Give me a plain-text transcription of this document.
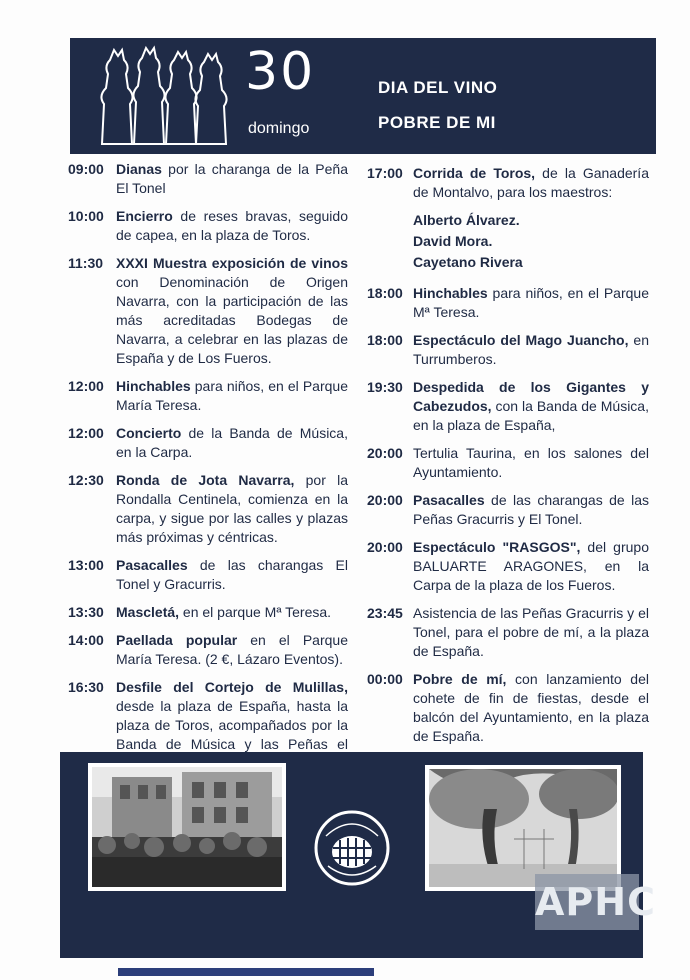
30
domingo
DIA DEL VINO
POBRE DE MI
09:00 Dianas por la charanga de la Peña El Tonel
10:00 Encierro de reses bravas, seguido de capea, en la plaza de Toros.
11:30 XXXI Muestra exposición de vinos con Denominación de Origen Navarra, con la participación de las más acreditadas Bodegas de Navarra, a celebrar en las plazas de España y de Los Fueros.
12:00 Hinchables para niños, en el Parque María Teresa.
12:00 Concierto de la Banda de Música, en la Carpa.
12:30 Ronda de Jota Navarra, por la Rondalla Centinela, comienza en la carpa, y sigue por las calles y plazas más próximas y céntricas.
13:00 Pasacalles de las charangas El Tonel y Gracurris.
13:30 Mascletá, en el parque Mª Teresa.
14:00 Paellada popular en el Parque María Teresa. (2 €, Lázaro Eventos).
16:30 Desfile del Cortejo de Mulillas, desde la plaza de España, hasta la plaza de Toros, acompañados por la Banda de Música y las Peñas el
17:00 Corrida de Toros, de la Ganadería de Montalvo, para los maestros:
Alberto Álvarez.
David Mora.
Cayetano Rivera
18:00 Hinchables para niños, en el Parque Mª Teresa.
18:00 Espectáculo del Mago Juancho, en Turrumberos.
19:30 Despedida de los Gigantes y Cabezudos, con la Banda de Música, en la plaza de España,
20:00 Tertulia Taurina, en los salones del Ayuntamiento.
20:00 Pasacalles de las charangas de las Peñas Gracurris y El Tonel.
20:00 Espectáculo "RASGOS", del grupo BALUARTE ARAGONES, en la Carpa de la plaza de los Fueros.
23:45 Asistencia de las Peñas Gracurris y el Tonel, para el pobre de mí, a la plaza de España.
00:00 Pobre de mí, con lanzamiento del cohete de fin de fiestas, desde el balcón del Ayuntamiento, en la plaza de España.
APHC
